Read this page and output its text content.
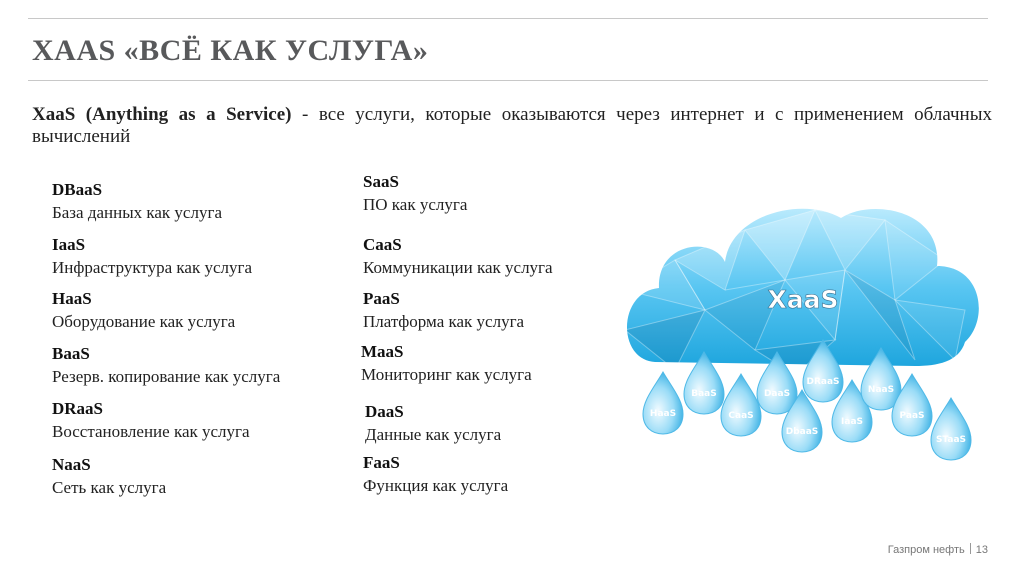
XAAS «ВСЁ КАК УСЛУГА»

XaaS (Anything as a Service) - все услуги, которые оказываются через интернет и с применением облачных вычислений

DBaaS
База данных как услуга
IaaS
Инфраструктура как услуга
HaaS
Оборудование как услуга
BaaS
Резерв. копирование как услуга
DRaaS
Восстановление как услуга
NaaS
Сеть как услуга
SaaS
ПО как услуга
CaaS
Коммуникации как услуга
PaaS
Платформа как услуга
MaaS
Мониторинг как услуга
DaaS
Данные как услуга
FaaS
Функция как услуга
XaaS
HaaS
BaaS
CaaS
DaaS
DbaaS
DRaaS
IaaS
NaaS
PaaS
STaaS
Газпром нефть 13
